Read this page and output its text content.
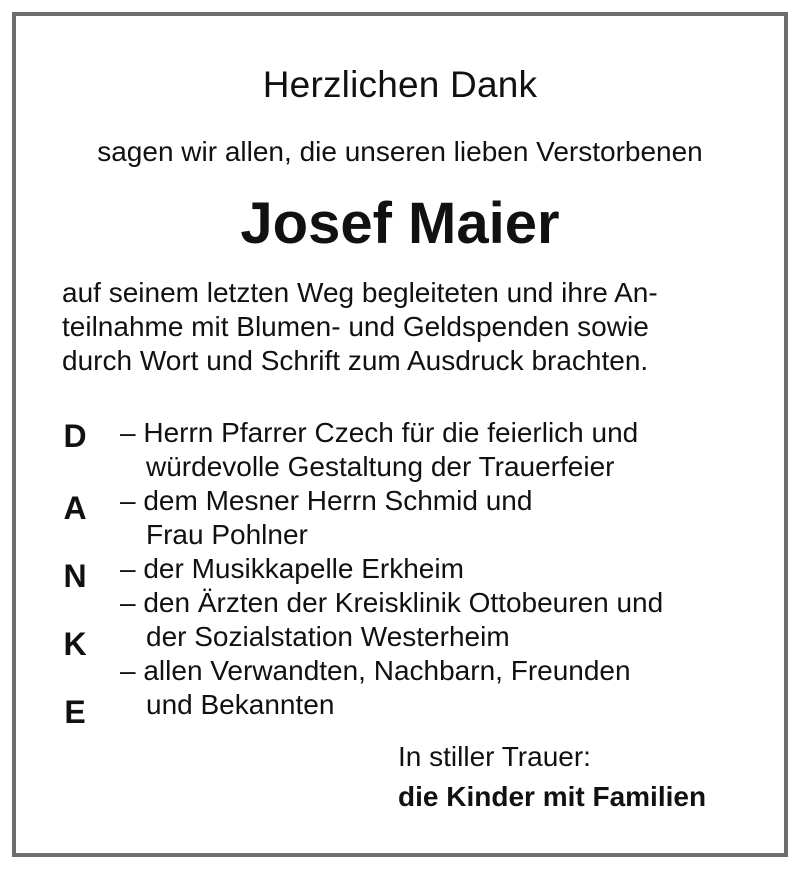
Herzlichen Dank
sagen wir allen, die unseren lieben Verstorbenen
Josef Maier
auf seinem letzten Weg begleiteten und ihre An-
teilnahme mit Blumen- und Geldspenden sowie
durch Wort und Schrift zum Ausdruck brachten.
D
A
N
K
E
– Herrn Pfarrer Czech für die feierlich und
würdevolle Gestaltung der Trauerfeier
– dem Mesner Herrn Schmid und
Frau Pohlner
– der Musikkapelle Erkheim
– den Ärzten der Kreisklinik Ottobeuren und
der Sozialstation Westerheim
– allen Verwandten, Nachbarn, Freunden
und Bekannten
In stiller Trauer:
die Kinder mit Familien
